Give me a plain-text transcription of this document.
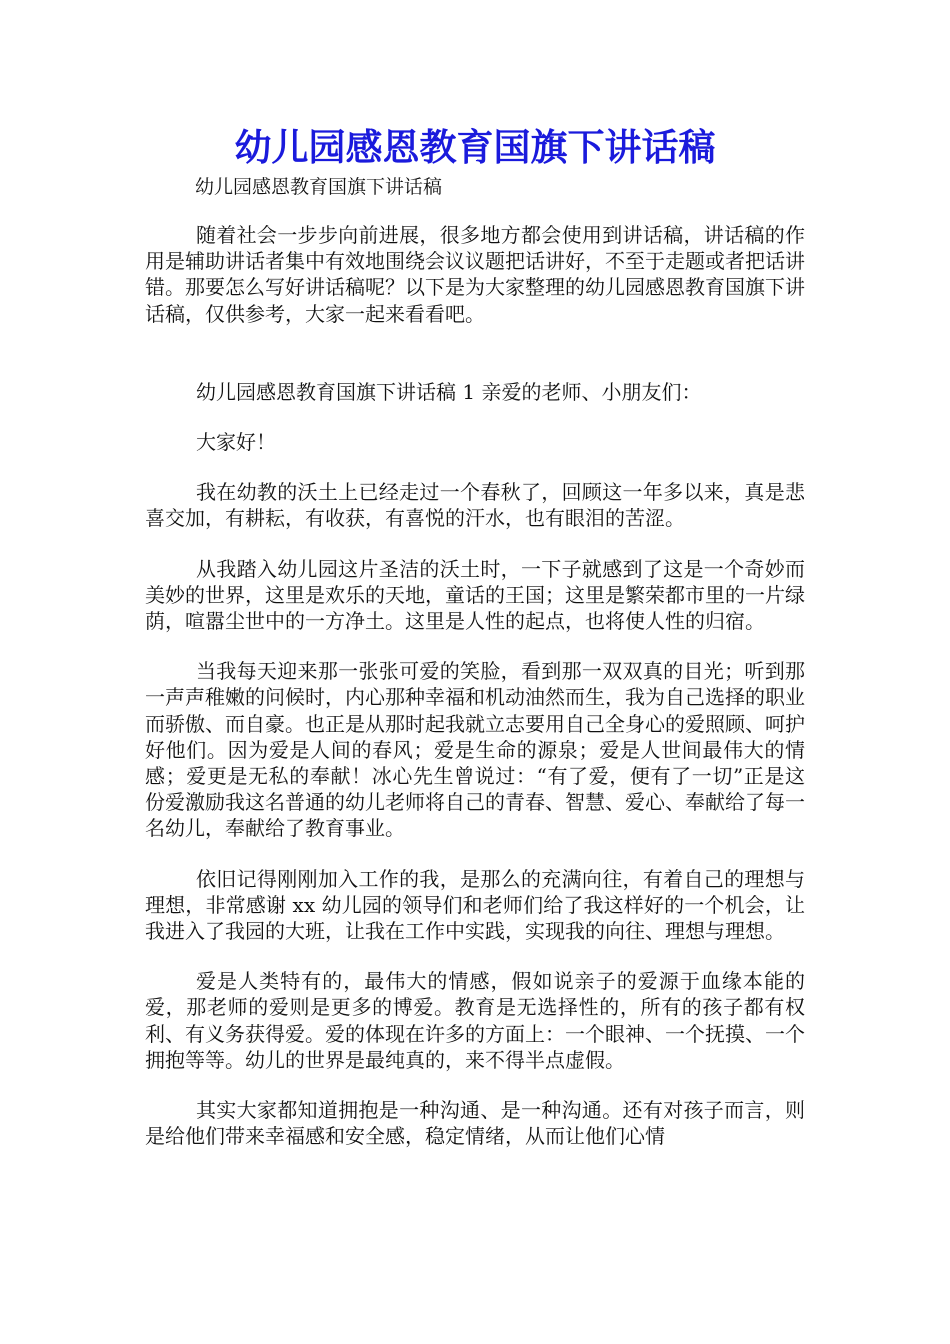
幼儿园感恩教育国旗下讲话稿
幼儿园感恩教育国旗下讲话稿

随着社会一步步向前进展，很多地方都会使用到讲话稿，讲话稿的作用是辅助讲话者集中有效地围绕会议议题把话讲好，不至于走题或者把话讲错。那要怎么写好讲话稿呢？以下是为大家整理的幼儿园感恩教育国旗下讲话稿，仅供参考，大家一起来看看吧。

幼儿园感恩教育国旗下讲话稿 1 亲爱的老师、小朋友们：

大家好！

我在幼教的沃土上已经走过一个春秋了，回顾这一年多以来，真是悲喜交加，有耕耘，有收获，有喜悦的汗水，也有眼泪的苦涩。

从我踏入幼儿园这片圣洁的沃土时，一下子就感到了这是一个奇妙而美妙的世界，这里是欢乐的天地，童话的王国；这里是繁荣都市里的一片绿荫，喧嚣尘世中的一方净土。这里是人性的起点，也将使人性的归宿。

当我每天迎来那一张张可爱的笑脸，看到那一双双真的目光；听到那一声声稚嫩的问候时，内心那种幸福和机动油然而生，我为自己选择的职业而骄傲、而自豪。也正是从那时起我就立志要用自己全身心的爱照顾、呵护好他们。因为爱是人间的春风；爱是生命的源泉；爱是人世间最伟大的情感；爱更是无私的奉献！冰心先生曾说过：“有了爱，便有了一切”正是这份爱激励我这名普通的幼儿老师将自己的青春、智慧、爱心、奉献给了每一名幼儿，奉献给了教育事业。

依旧记得刚刚加入工作的我，是那么的充满向往，有着自己的理想与理想，非常感谢 xx 幼儿园的领导们和老师们给了我这样好的一个机会，让我进入了我园的大班，让我在工作中实践，实现我的向往、理想与理想。

爱是人类特有的，最伟大的情感，假如说亲子的爱源于血缘本能的爱，那老师的爱则是更多的博爱。教育是无选择性的，所有的孩子都有权利、有义务获得爱。爱的体现在许多的方面上：一个眼神、一个抚摸、一个拥抱等等。幼儿的世界是最纯真的，来不得半点虚假。

其实大家都知道拥抱是一种沟通、是一种沟通。还有对孩子而言，则是给他们带来幸福感和安全感，稳定情绪，从而让他们心情
